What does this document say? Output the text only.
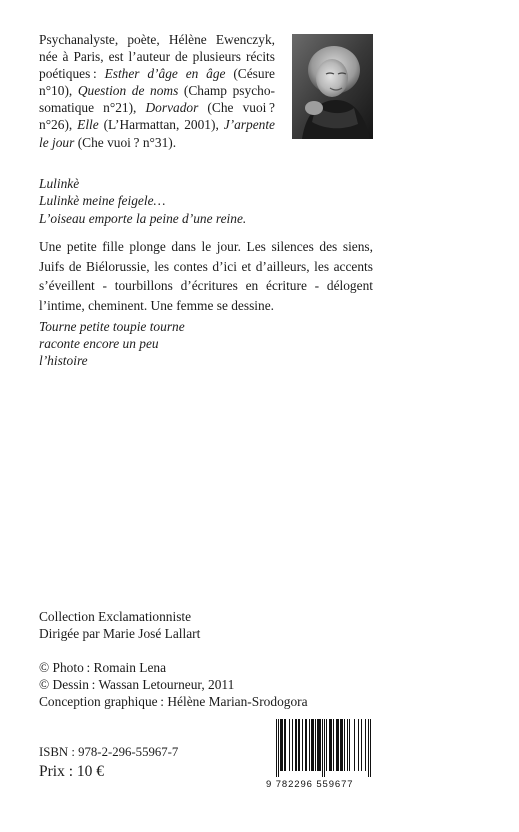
Psychanalyste, poète, Hélène Ewenczyk,
née à Paris, est l’auteur de plusieurs récits
poétiques : Esther d’âge en âge (Césure
n°10), Question de noms (Champ psycho-
somatique n°21), Dorvador (Che vuoi ?
n°26), Elle (L’Harmattan, 2001), J’arpente
le jour (Che vuoi ? n°31).
Lulinkè
Lulinkè meine feigele…
L’oiseau emporte la peine d’une reine.
Une petite fille plonge dans le jour. Les silences des siens,
Juifs de Biélorussie, les contes d’ici et d’ailleurs, les accents
s’éveillent - tourbillons d’écritures en écriture - délogent
l’intime, cheminent. Une femme se dessine.
Tourne petite toupie tourne
raconte encore un peu
l’histoire
Collection Exclamationniste
Dirigée par Marie José Lallart
© Photo : Romain Lena
© Dessin : Wassan Letourneur, 2011
Conception graphique : Hélène Marian-Srodogora
ISBN : 978-2-296-55967-7
Prix : 10 €
9 782296 559677
